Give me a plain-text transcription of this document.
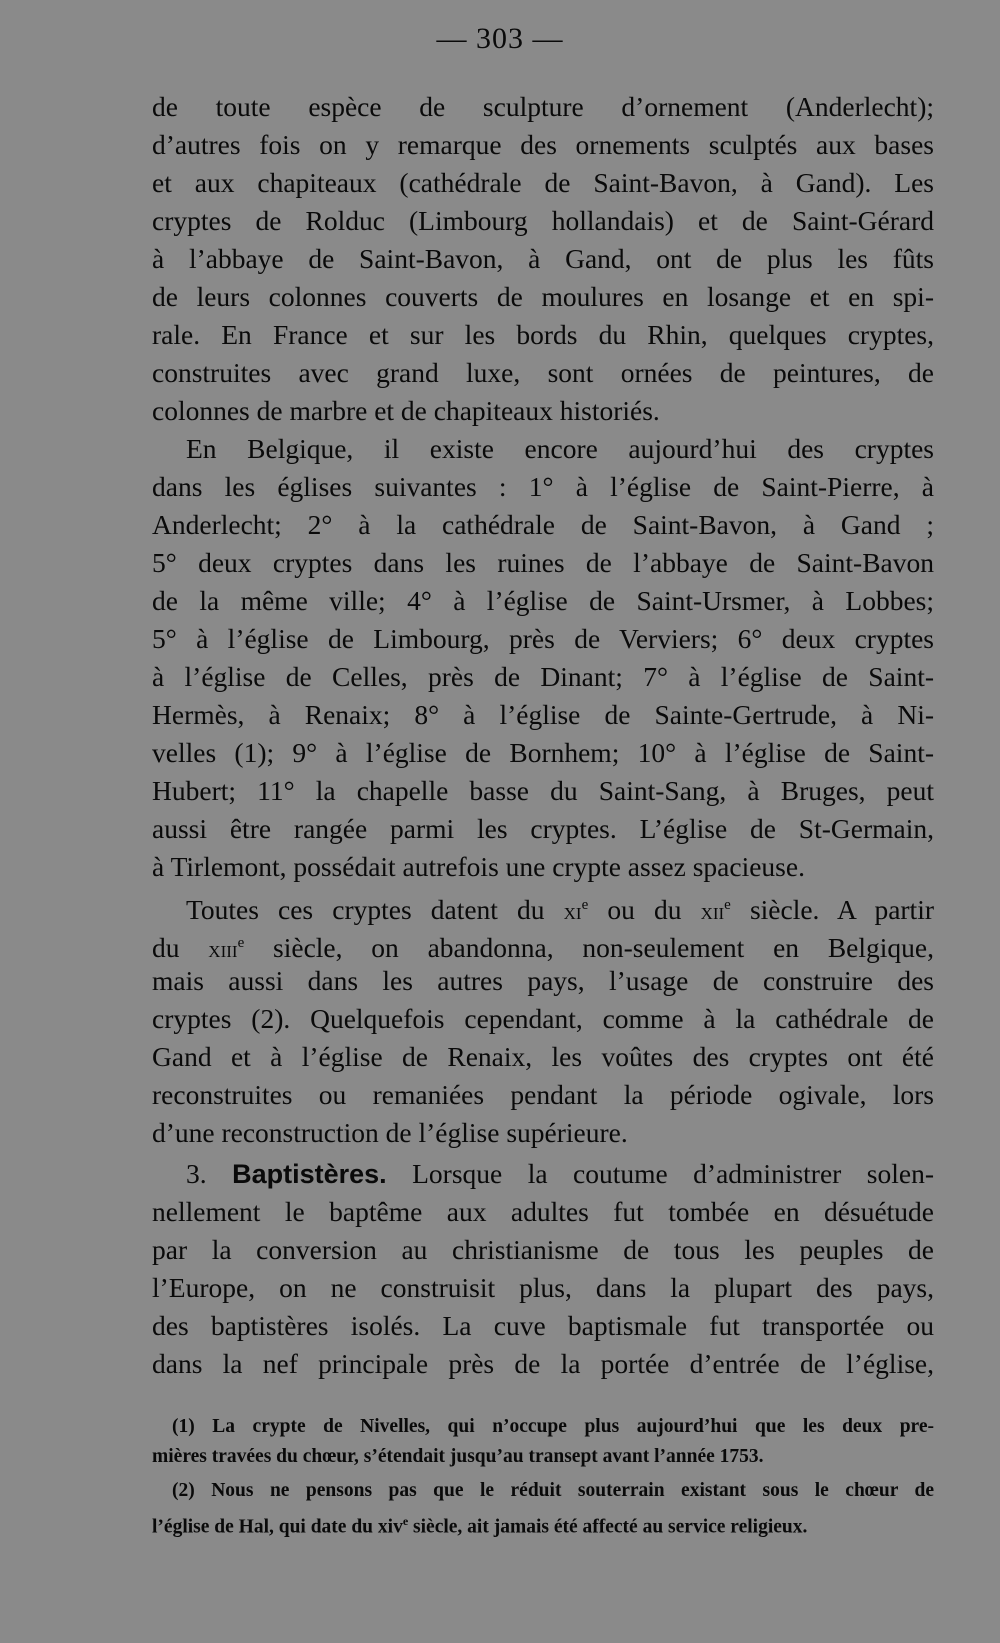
— 303 —
de toute espèce de sculpture d’ornement (Anderlecht);
d’autres fois on y remarque des ornements sculptés aux bases
et aux chapiteaux (cathédrale de Saint-Bavon, à Gand). Les
cryptes de Rolduc (Limbourg hollandais) et de Saint-Gérard
à l’abbaye de Saint-Bavon, à Gand, ont de plus les fûts
de leurs colonnes couverts de moulures en losange et en spi-
rale. En France et sur les bords du Rhin, quelques cryptes,
construites avec grand luxe, sont ornées de peintures, de
colonnes de marbre et de chapiteaux historiés.
En Belgique, il existe encore aujourd’hui des cryptes
dans les églises suivantes : 1° à l’église de Saint-Pierre, à
Anderlecht; 2° à la cathédrale de Saint-Bavon, à Gand ;
5° deux cryptes dans les ruines de l’abbaye de Saint-Bavon
de la même ville; 4° à l’église de Saint-Ursmer, à Lobbes;
5° à l’église de Limbourg, près de Verviers; 6° deux cryptes
à l’église de Celles, près de Dinant; 7° à l’église de Saint-
Hermès, à Renaix; 8° à l’église de Sainte-Gertrude, à Ni-
velles (1); 9° à l’église de Bornhem; 10° à l’église de Saint-
Hubert; 11° la chapelle basse du Saint-Sang, à Bruges, peut
aussi être rangée parmi les cryptes. L’église de St-Germain,
à Tirlemont, possédait autrefois une crypte assez spacieuse.
Toutes ces cryptes datent du $xi^e$ ou du xii$^e$ siècle. A partir
du xiii$^e$ siècle, on abandonna, non-seulement en Belgique,
mais aussi dans les autres pays, l’usage de construire des
cryptes (2). Quelquefois cependant, comme à la cathédrale de
Gand et à l’église de Renaix, les voûtes des cryptes ont été
reconstruites ou remaniées pendant la période ogivale, lors
d’une reconstruction de l’église supérieure.
3. Baptistères. Lorsque la coutume d’administrer solen-
nellement le baptême aux adultes fut tombée en désuétude
par la conversion au christianisme de tous les peuples de
l’Europe, on ne construisit plus, dans la plupart des pays,
des baptistères isolés. La cuve baptismale fut transportée ou
dans la nef principale près de la portée d’entrée de l’église,
(1) La crypte de Nivelles, qui n’occupe plus aujourd’hui que les deux pre-
mières travées du chœur, s’étendait jusqu’au transept avant l’année 1753.
(2) Nous ne pensons pas que le réduit souterrain existant sous le chœur de
l’église de Hal, qui date du xiv$^e$ siècle, ait jamais été affecté au service religieux.
